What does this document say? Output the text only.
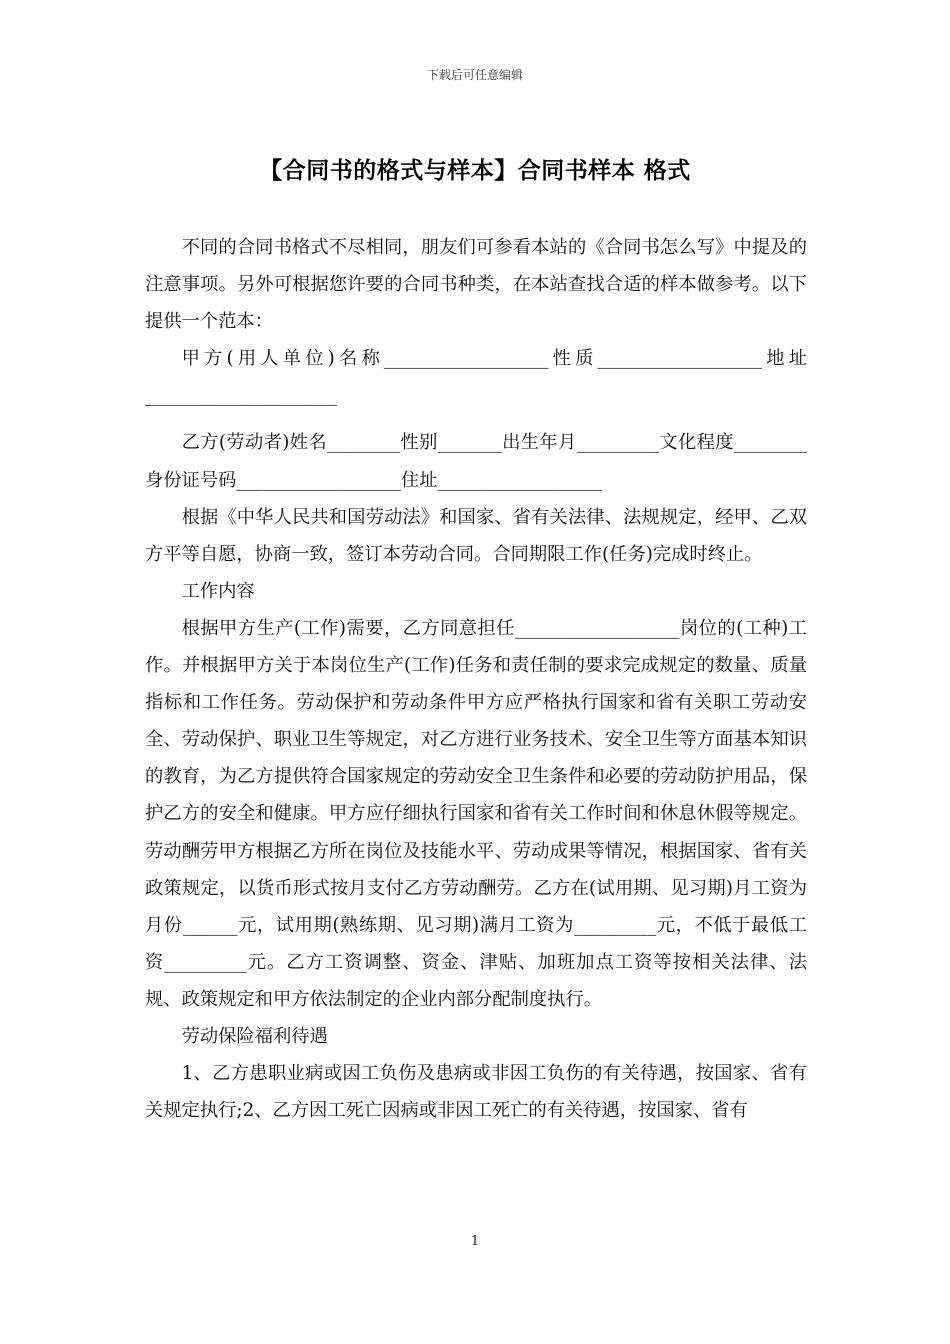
下载后可任意编辑
【合同书的格式与样本】合同书样本 格式

不同的合同书格式不尽相同，朋友们可参看本站的《合同书怎么写》中提及的注意事项。另外可根据您许要的合同书种类，在本站查找合适的样本做参考。以下提供一个范本：

甲方(用人单位)名称__________________性质__________________地址_____________________

乙方(劳动者)姓名________性别_______出生年月_________文化程度________身份证号码__________________住址__________________

根据《中华人民共和国劳动法》和国家、省有关法律、法规规定，经甲、乙双方平等自愿，协商一致，签订本劳动合同。合同期限工作(任务)完成时终止。

工作内容

根据甲方生产(工作)需要，乙方同意担任__________________岗位的(工种)工作。并根据甲方关于本岗位生产(工作)任务和责任制的要求完成规定的数量、质量指标和工作任务。劳动保护和劳动条件甲方应严格执行国家和省有关职工劳动安全、劳动保护、职业卫生等规定，对乙方进行业务技术、安全卫生等方面基本知识的教育，为乙方提供符合国家规定的劳动安全卫生条件和必要的劳动防护用品，保护乙方的安全和健康。甲方应仔细执行国家和省有关工作时间和休息休假等规定。劳动酬劳甲方根据乙方所在岗位及技能水平、劳动成果等情况，根据国家、省有关政策规定，以货币形式按月支付乙方劳动酬劳。乙方在(试用期、见习期)月工资为月份______元，试用期(熟练期、见习期)满月工资为_________元，不低于最低工资_________元。乙方工资调整、资金、津贴、加班加点工资等按相关法律、法规、政策规定和甲方依法制定的企业内部分配制度执行。

劳动保险福利待遇

1、乙方患职业病或因工负伤及患病或非因工负伤的有关待遇，按国家、省有关规定执行;2、乙方因工死亡因病或非因工死亡的有关待遇，按国家、省有

1
